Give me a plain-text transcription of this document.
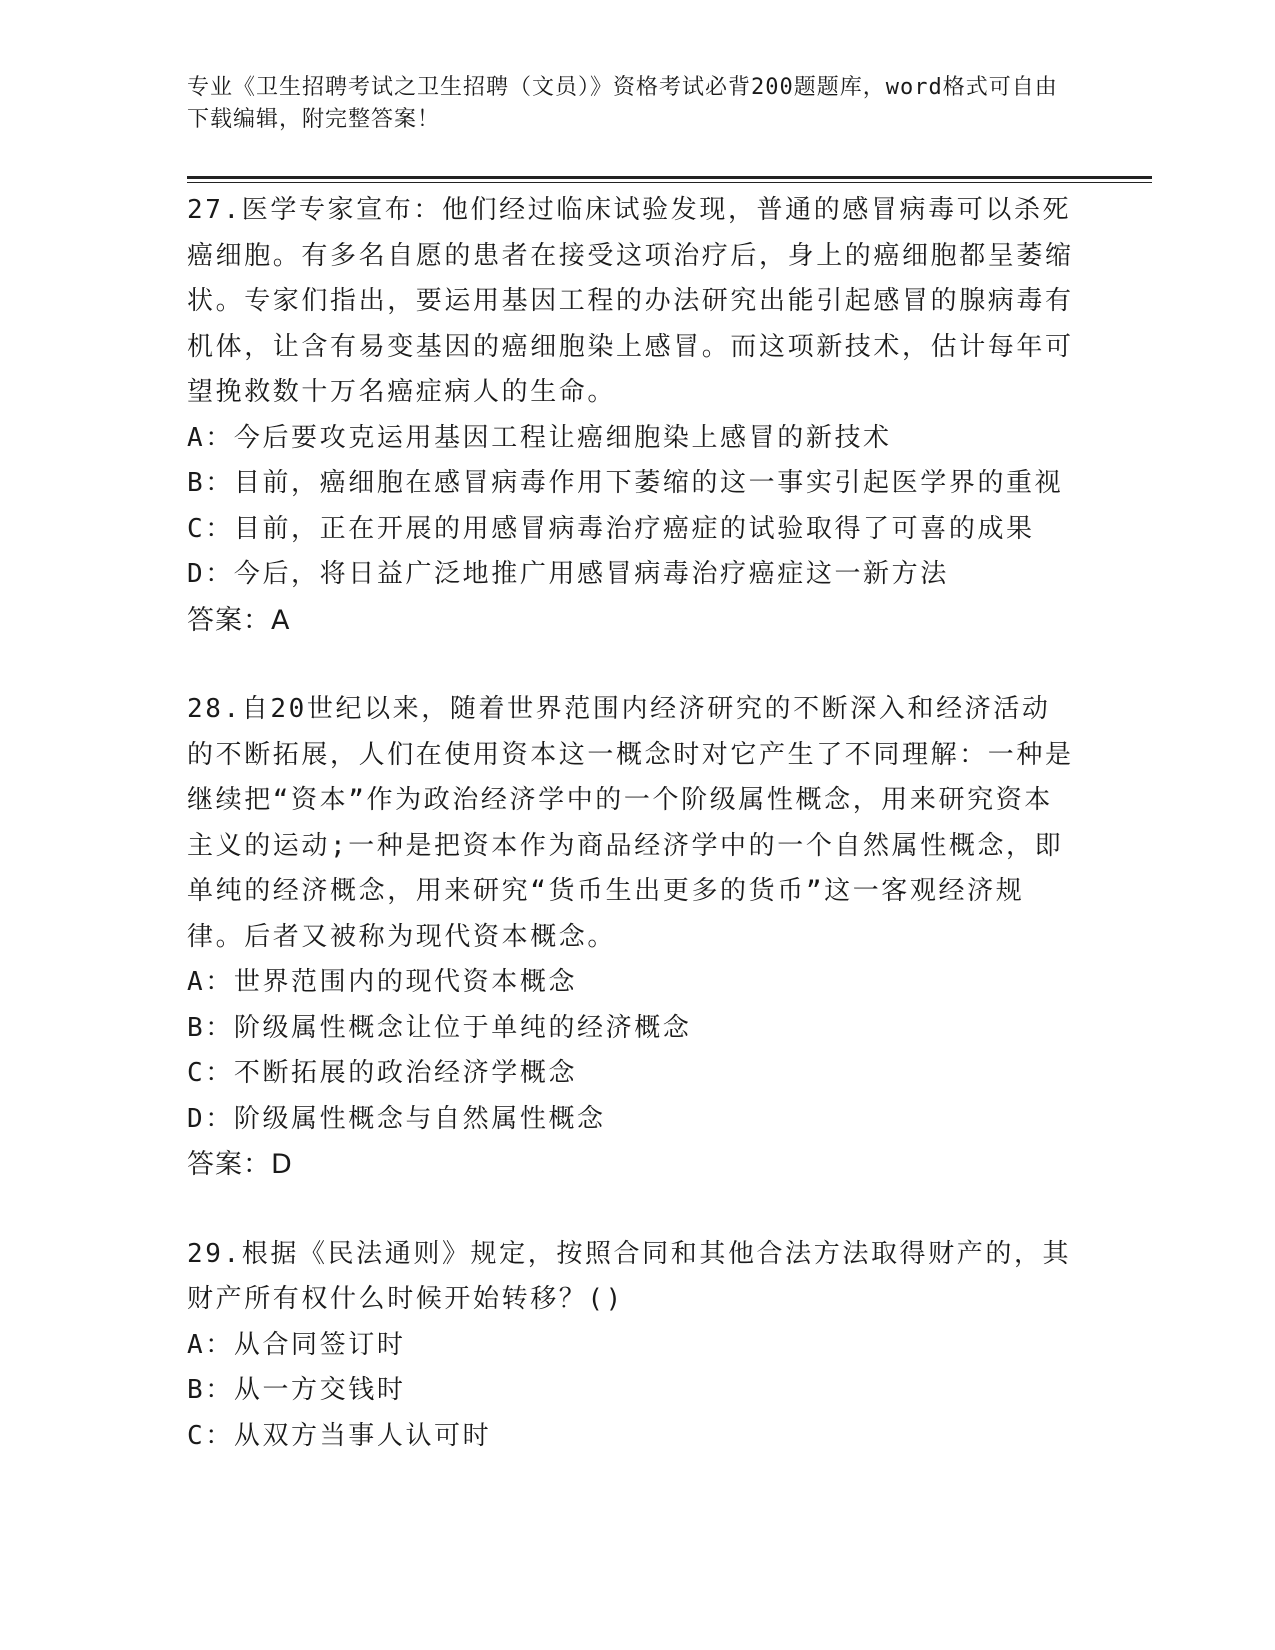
专业《卫生招聘考试之卫生招聘（文员）》资格考试必背200题题库，word格式可自由下载编辑，附完整答案！
27.医学专家宣布：他们经过临床试验发现，普通的感冒病毒可以杀死癌细胞。有多名自愿的患者在接受这项治疗后，身上的癌细胞都呈萎缩状。专家们指出，要运用基因工程的办法研究出能引起感冒的腺病毒有机体，让含有易变基因的癌细胞染上感冒。而这项新技术，估计每年可望挽救数十万名癌症病人的生命。
A：今后要攻克运用基因工程让癌细胞染上感冒的新技术
B：目前，癌细胞在感冒病毒作用下萎缩的这一事实引起医学界的重视
C：目前，正在开展的用感冒病毒治疗癌症的试验取得了可喜的成果
D：今后，将日益广泛地推广用感冒病毒治疗癌症这一新方法
答案：A
28.自20世纪以来，随着世界范围内经济研究的不断深入和经济活动的不断拓展，人们在使用资本这一概念时对它产生了不同理解：一种是继续把“资本”作为政治经济学中的一个阶级属性概念，用来研究资本主义的运动;一种是把资本作为商品经济学中的一个自然属性概念，即单纯的经济概念，用来研究“货币生出更多的货币”这一客观经济规律。后者又被称为现代资本概念。
A：世界范围内的现代资本概念
B：阶级属性概念让位于单纯的经济概念
C：不断拓展的政治经济学概念
D：阶级属性概念与自然属性概念
答案：D
29.根据《民法通则》规定，按照合同和其他合法方法取得财产的，其财产所有权什么时候开始转移？()
A：从合同签订时
B：从一方交钱时
C：从双方当事人认可时
